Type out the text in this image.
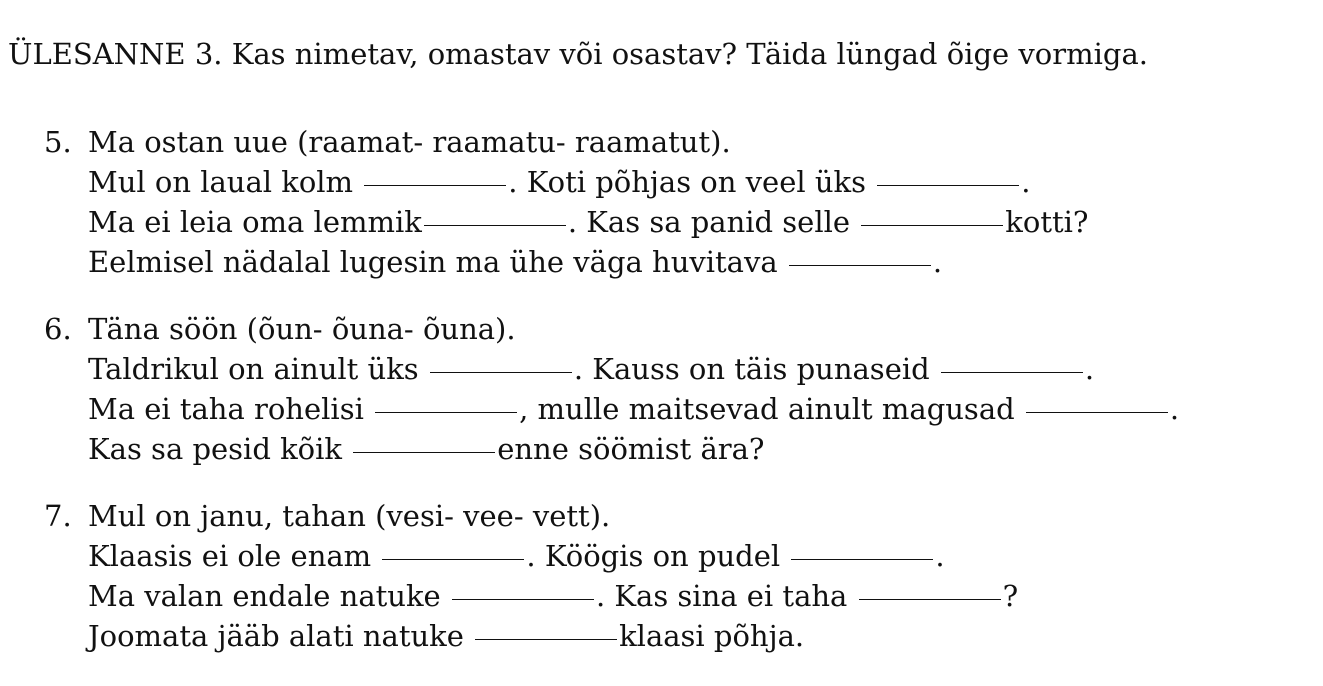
ÜLESANNE 3. Kas nimetav, omastav või osastav? Täida lüngad õige vormiga.
5. Ma ostan uue (raamat- raamatu- raamatut).
Mul on laual kolm	. Koti põhjas on veel üks	.
Ma ei leia oma lemmik	. Kas sa panid selle	kotti?
Eelmisel nädalal lugesin ma ühe väga huvitava	.
6. Täna söön (õun- õuna- õuna).
Taldrikul on ainult üks	. Kauss on täis punaseid	.
Ma ei taha rohelisi	, mulle maitsevad ainult magusad	.
Kas sa pesid kõik	enne söömist ära?
7. Mul on janu, tahan (vesi- vee- vett).
Klaasis ei ole enam	. Köögis on pudel	.
Ma valan endale natuke	. Kas sina ei taha	?
Joomata jääb alati natuke	klaasi põhja.
